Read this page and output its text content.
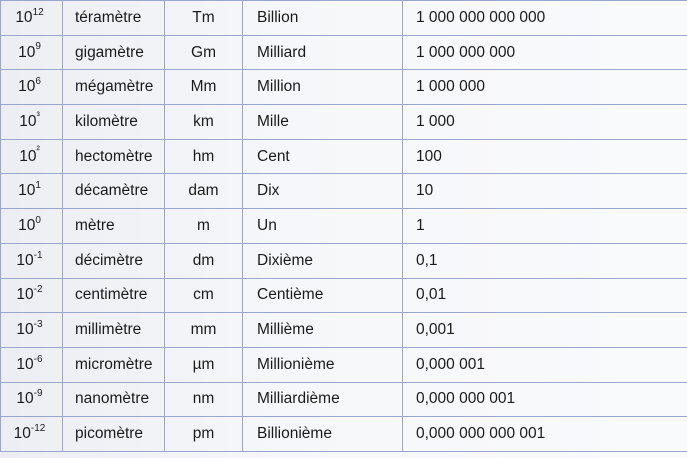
$10^{12}$	téramètre	Tm	Billion	1 000 000 000 000
$10^9$	gigamètre	Gm	Milliard	1 000 000 000
$10^6$	mégamètre	Mm	Million	1 000 000
$10^{^3}$	kilomètre	km	Mille	1 000
$10^{^2}$	hectomètre	hm	Cent	100
$10^1$	décamètre	dam	Dix	10
$10^0$	mètre	m	Un	1
$10^{-1}$	décimètre	dm	Dixième	0,1
$10^{-2}$	centimètre	cm	Centième	0,01
$10^{-3}$	millimètre	mm	Millième	0,001
$10^{-6}$	micromètre	µm	Millionième	0,000 001
$10^{-9}$	nanomètre	nm	Milliardième	0,000 000 001
$10^{-12}$	picomètre	pm	Billionième	0,000 000 000 001
